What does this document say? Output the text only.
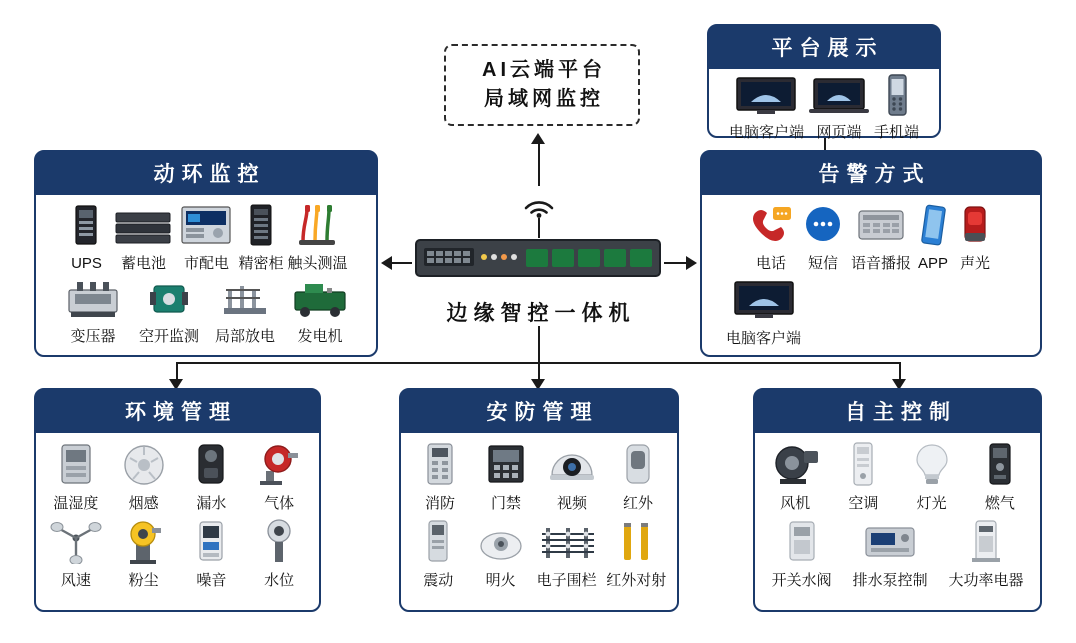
AI云端平台
局域网监控
平台展示
电脑客户端 网页端 手机端
动环监控
UPS 蓄电池 市配电 精密柜 触头测温
变压器 空开监测 局部放电 发电机
告警方式
电话 短信 语音播报 APP 声光
电脑客户端
边缘智控一体机
环境管理
温湿度 烟感	漏水	气体
风速	粉尘	噪音	水位
安防管理
消防 门禁 视频 红外
震动 明火 电子围栏 红外对射
自主控制
风机	空调	灯光	燃气
开关水阀 排水泵控制 大功率电器
